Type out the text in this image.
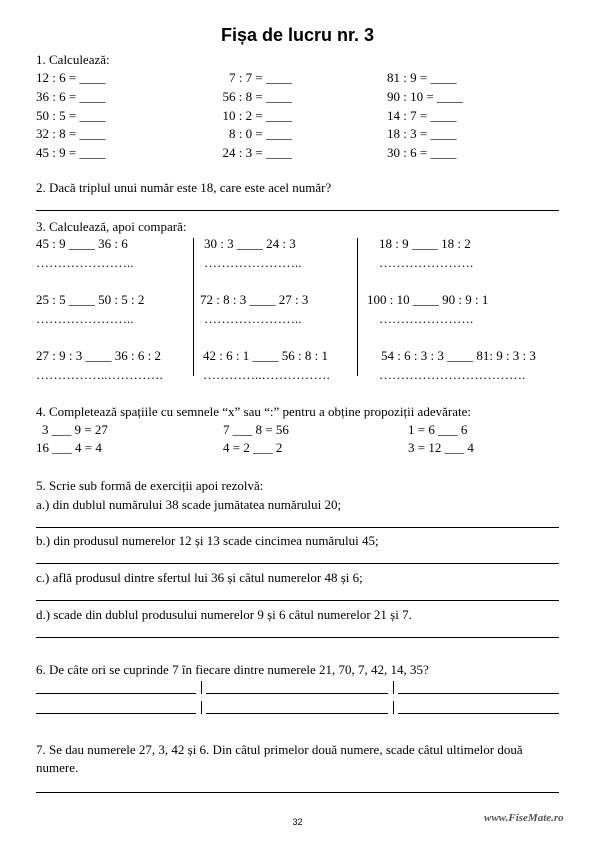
Fișa de lucru nr. 3
1. Calculează:
12 : 6 = ____
36 : 6 = ____
50 : 5 = ____
32 : 8 = ____
45 : 9 = ____
7 : 7 = ____
56 : 8 = ____
10 : 2 = ____
8 : 0 = ____
24 : 3 = ____
81 : 9 = ____
90 : 10 = ____
14 : 7 = ____
18 : 3 = ____
30 : 6 = ____
2. Dacă triplul unui număr este 18, care este acel număr?
3. Calculează, apoi compară:
45 : 9 ____ 36 : 6
…………………..
30 : 3 ____ 24 : 3
…………………..
18 : 9 ____ 18 : 2
………………….
25 : 5 ____ 50 : 5 : 2
…………………..
72 : 8 : 3 ____ 27 : 3
…………………..
100 : 10 ____ 90 : 9 : 1
………………….
27 : 9 : 3 ____ 36 : 6 : 2
……………..………….
42 : 6 : 1 ____ 56 : 8 : 1
…………..…………….
54 : 6 : 3 : 3 ____ 81: 9 : 3 : 3
…………………………….
4. Completează spațiile cu semnele “x” sau “:” pentru a obține propoziții adevărate:
3 ___ 9 = 27
16 ___ 4 = 4
7 ___ 8 = 56
4 = 2 ___ 2
1 = 6 ___ 6
3 = 12 ___ 4
5. Scrie sub formă de exerciții apoi rezolvă:
a.) din dublul numărului 38 scade jumătatea numărului 20;
b.) din produsul numerelor 12 și 13 scade cincimea numărului 45;
c.) află produsul dintre sfertul lui 36 și câtul numerelor 48 și 6;
d.) scade din dublul produsului numerelor 9 și 6 câtul numerelor 21 și 7.
6. De câte ori se cuprinde 7 în fiecare dintre numerele 21, 70, 7, 42, 14, 35?
7. Se dau numerele 27, 3, 42 și 6. Din câtul primelor două numere, scade câtul ultimelor două
numere.
32	www.FiseMate.ro
